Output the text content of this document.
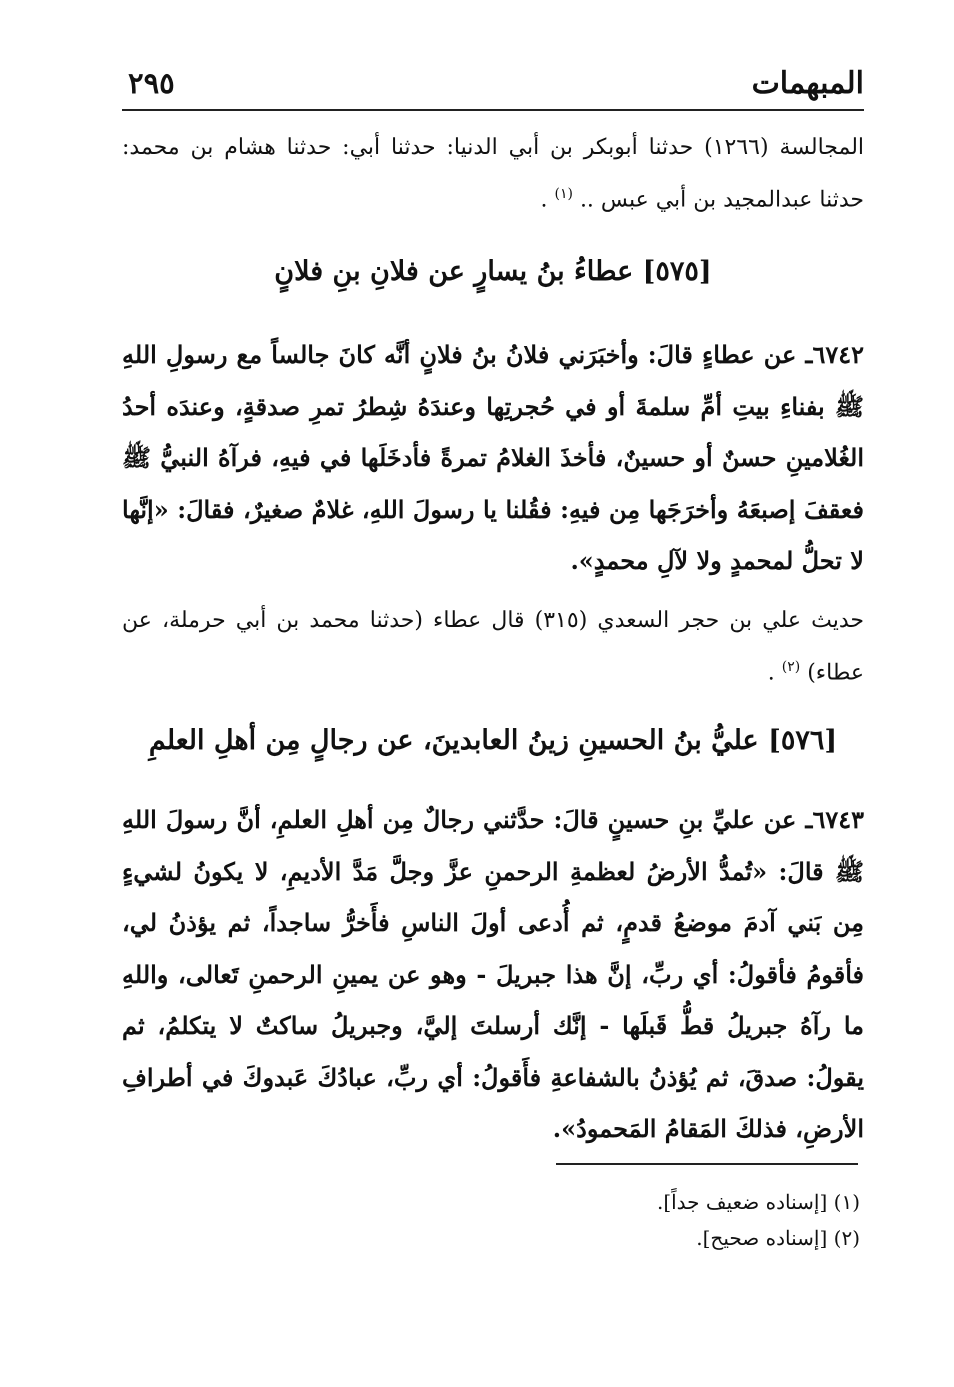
المبهمات
٢٩٥
المجالسة (١٢٦٦) حدثنا أبوبكر بن أبي الدنيا: حدثنا أبي: حدثنا هشام بن محمد: حدثنا عبدالمجيد بن أبي عبس .. $^{(١)}$ .
[٥٧٥] عطاءُ بنُ يسارٍ عن فلانِ بنِ فلانٍ
٦٧٤٢ـ عن عطاءٍ قالَ: وأخبَرَني فلانُ بنُ فلانٍ أنَّه كانَ جالساً مع رسولِ اللهِ ﷺ بفناءِ بيتِ أمِّ سلمةَ أو في حُجرتِها وعندَهُ شِطرُ تمرِ صدقةٍ، وعندَه أحدُ الغُلامينِ حسنٌ أو حسينٌ، فأخذَ الغلامُ تمرةً فأدخَلَها في فيهِ، فرآهُ النبيُّ ﷺ فعقفَ إصبعَهُ وأخرَجَها مِن فيهِ: فقُلنا يا رسولَ اللهِ، غلامٌ صغيرٌ، فقالَ: «إنَّها لا تحلُّ لمحمدٍ ولا لآلِ محمدٍ».
حديث علي بن حجر السعدي (٣١٥) قال عطاء (حدثنا محمد بن أبي حرملة، عن عطاء) $^{(٢)}$ .
[٥٧٦] عليُّ بنُ الحسينِ زينُ العابدينَ، عن رجالٍ مِن أهلِ العلمِ
٦٧٤٣ـ عن عليِّ بنِ حسينٍ قالَ: حدَّثني رجالٌ مِن أهلِ العلمِ، أنَّ رسولَ اللهِ ﷺ قالَ: «تُمدُّ الأرضُ لعظمةِ الرحمنِ عزَّ وجلَّ مَدَّ الأديمِ، لا يكونُ لشيءٍ مِن بَني آدمَ موضعُ قدمٍ، ثم أُدعى أولَ الناسِ فأَخرُّ ساجداً، ثم يؤذنُ لي، فأقومُ فأقولُ: أي ربِّ، إنَّ هذا جبريلَ - وهو عن يمينِ الرحمنِ تَعالى، واللهِ ما رآهُ جبريلُ قطُّ قَبلَها - إنَّك أرسلتَ إليَّ، وجبريلُ ساكتٌ لا يتكلمُ، ثم يقولُ: صدقَ، ثم يُؤذنُ بالشفاعةِ فأَقولُ: أي ربِّ، عبادُكَ عَبدوكَ في أطرافِ الأرضِ، فذلكَ المَقامُ المَحمودُ».
(١) [إسناده ضعيف جداً].
(٢) [إسناده صحيح].
